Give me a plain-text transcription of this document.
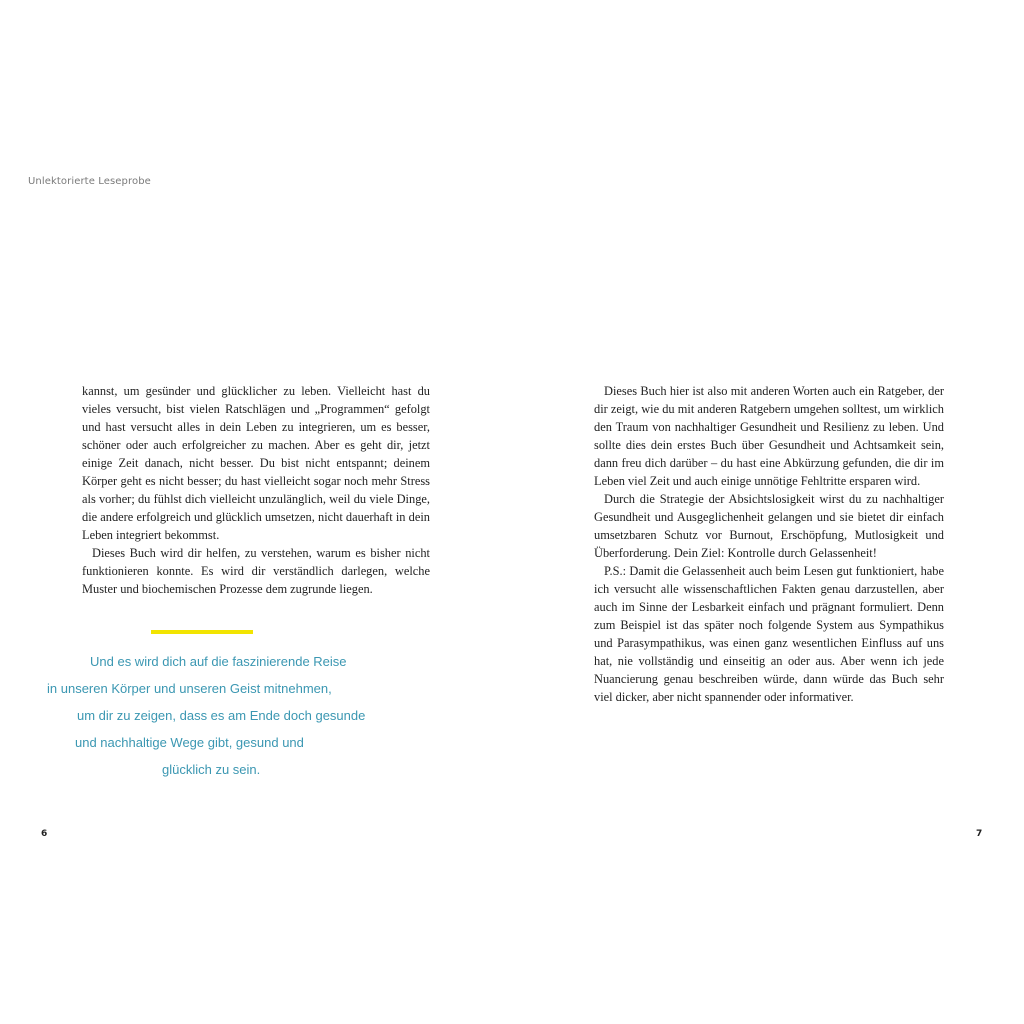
Unlektorierte Leseprobe

kannst, um gesünder und glücklicher zu leben. Vielleicht hast du vieles versucht, bist vielen Ratschlägen und „Programmen“ gefolgt und hast versucht alles in dein Leben zu integrieren, um es besser, schöner oder auch erfolgreicher zu machen. Aber es geht dir, jetzt einige Zeit danach, nicht besser. Du bist nicht entspannt; deinem Körper geht es nicht besser; du hast vielleicht sogar noch mehr Stress als vorher; du fühlst dich vielleicht unzulänglich, weil du viele Dinge, die andere erfolgreich und glücklich umsetzen, nicht dauerhaft in dein Leben integriert bekommst.

Dieses Buch wird dir helfen, zu verstehen, warum es bisher nicht funktionieren konnte. Es wird dir verständlich darlegen, welche Muster und biochemischen Prozesse dem zugrunde liegen.

Und es wird dich auf die faszinierende Reise
in unseren Körper und unseren Geist mitnehmen,
um dir zu zeigen, dass es am Ende doch gesunde
und nachhaltige Wege gibt, gesund und
glücklich zu sein.
6

Dieses Buch hier ist also mit anderen Worten auch ein Ratgeber, der dir zeigt, wie du mit anderen Ratgebern umgehen solltest, um wirklich den Traum von nachhaltiger Gesundheit und Resilienz zu leben. Und sollte dies dein erstes Buch über Gesundheit und Achtsamkeit sein, dann freu dich darüber – du hast eine Abkürzung gefunden, die dir im Leben viel Zeit und auch einige unnötige Fehltritte ersparen wird.

Durch die Strategie der Absichtslosigkeit wirst du zu nachhaltiger Gesundheit und Ausgeglichenheit gelangen und sie bietet dir einfach umsetzbaren Schutz vor Burnout, Erschöpfung, Mutlosigkeit und Überforderung. Dein Ziel: Kontrolle durch Gelassenheit!

P.S.: Damit die Gelassenheit auch beim Lesen gut funktioniert, habe ich versucht alle wissenschaftlichen Fakten genau darzustellen, aber auch im Sinne der Lesbarkeit einfach und prägnant formuliert. Denn zum Beispiel ist das später noch folgende System aus Sympathikus und Parasympathikus, was einen ganz wesentlichen Einfluss auf uns hat, nie vollständig und einseitig an oder aus. Aber wenn ich jede Nuancierung genau beschreiben würde, dann würde das Buch sehr viel dicker, aber nicht spannender oder informativer.

7
